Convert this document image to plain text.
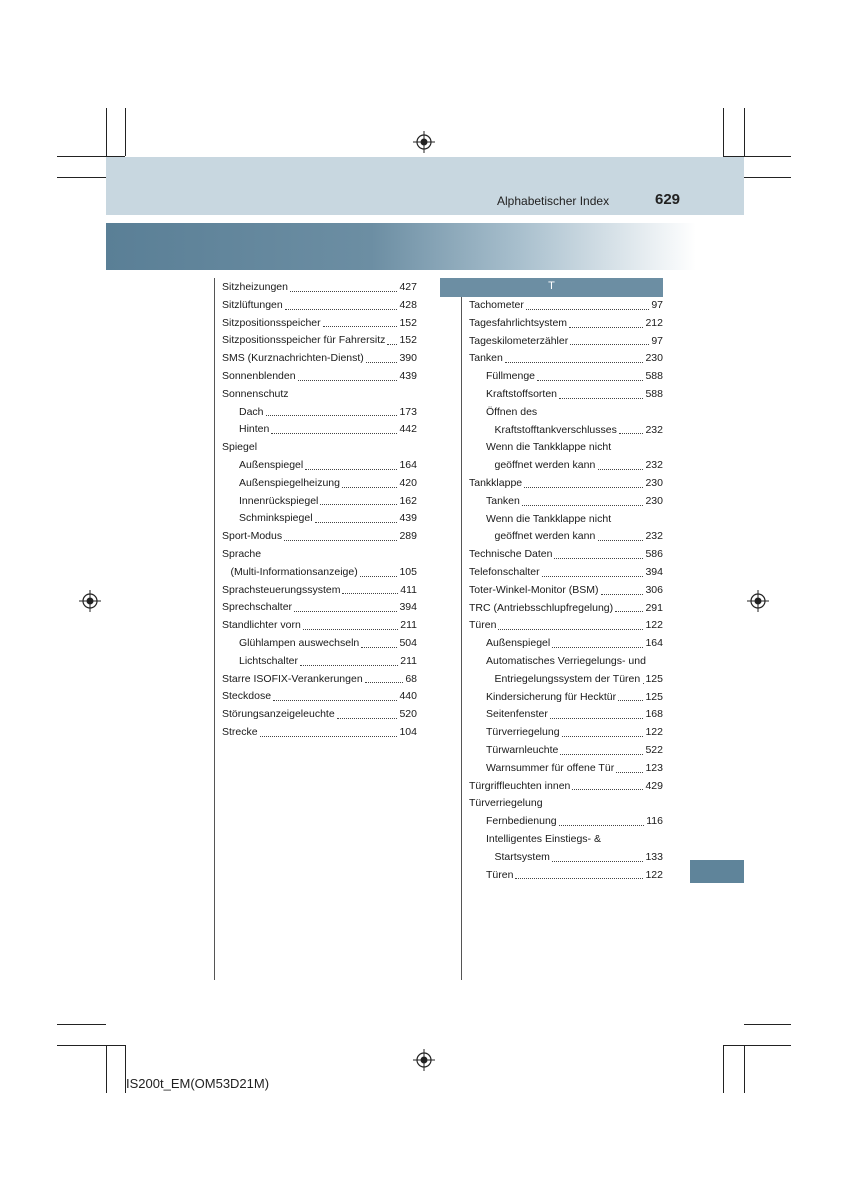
Alphabetischer Index	629
Sitzheizungen	427
Sitzlüftungen	428
Sitzpositionsspeicher	152
Sitzpositionsspeicher für Fahrersitz 152
SMS (Kurznachrichten-Dienst)	390
Sonnenblenden	439
Sonnenschutz
Dach	173
Hinten	442
Spiegel
Außenspiegel	164
Außenspiegelheizung	420
Innenrückspiegel	162
Schminkspiegel	439
Sport-Modus	289
Sprache
(Multi-Informationsanzeige)	105
Sprachsteuerungssystem	411
Sprechschalter	394
Standlichter vorn	211
Glühlampen auswechseln	504
Lichtschalter	211
Starre ISOFIX-Verankerungen	68
Steckdose	440
Störungsanzeigeleuchte	520
Strecke	104
T
Tachometer	97
Tagesfahrlichtsystem	212
Tageskilometerzähler	97
Tanken	230
Füllmenge	588
Kraftstoffsorten	588
Öffnen des
Kraftstofftankverschlusses	232
Wenn die Tankklappe nicht
geöffnet werden kann	232
Tankklappe	230
Tanken	230
Wenn die Tankklappe nicht
geöffnet werden kann	232
Technische Daten	586
Telefonschalter	394
Toter-Winkel-Monitor (BSM)	306
TRC (Antriebsschlupfregelung)	291
Türen	122
Außenspiegel	164
Automatisches Verriegelungs- und
Entriegelungssystem der Türen 125
Kindersicherung für Hecktür	125
Seitenfenster	168
Türverriegelung	122
Türwarnleuchte	522
Warnsummer für offene Tür	123
Türgriffleuchten innen	429
Türverriegelung
Fernbedienung	116
Intelligentes Einstiegs- &
Startsystem	133
Türen	122
IS200t_EM(OM53D21M)
